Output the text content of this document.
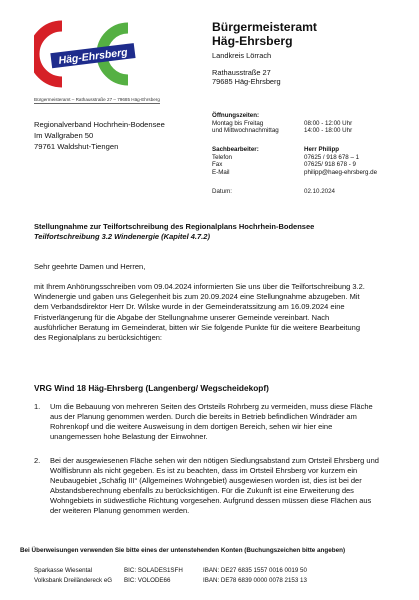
Häg-Ehrsberg
Bürgermeisteramt – Rathausstraße 27 – 79685 Häg-Ehrsberg
Bürgermeisteramt
Häg-Ehrsberg
Landkreis Lörrach
Rathausstraße 27
79685 Häg-Ehrsberg
Regionalverband Hochrhein-Bodensee
Im Wallgraben 50
79761 Waldshut-Tiengen
Öffnungszeiten:
Montag bis Freitag	08:00 - 12:00 Uhr
und Mittwochnachmittag	14:00 - 18:00 Uhr
Sachbearbeiter:	Herr Philipp
Telefon	07625 / 918 678 – 1
Fax	07625/ 918 678 - 9
E-Mail	philipp@haeg-ehrsberg.de
Datum:	02.10.2024
Stellungnahme zur Teilfortschreibung des Regionalplans Hochrhein-Bodensee
Teilfortschreibung 3.2 Windenergie (Kapitel 4.7.2)
Sehr geehrte Damen und Herren,
mit Ihrem Anhörungsschreiben vom 09.04.2024 informierten Sie uns über die Teilfortschreibung 3.2. Windenergie und gaben uns Gelegenheit bis zum 20.09.2024 eine Stellungnahme abzugeben. Mit dem Verbandsdirektor Herr Dr. Wilske wurde in der Gemeinderatssitzung am 16.09.2024 eine Fristverlängerung für die Abgabe der Stellungnahme unserer Gemeinde vereinbart. Nach ausführlicher Beratung im Gemeinderat, bitten wir Sie folgende Punkte für die weitere Bearbeitung des Regionalplans zu berücksichtigen:
VRG Wind 18 Häg-Ehrsberg (Langenberg/ Wegscheidekopf)
1.	Um die Bebauung von mehreren Seiten des Ortsteils Rohrberg zu vermeiden, muss diese Fläche aus der Planung genommen werden. Durch die bereits in Betrieb befindlichen Windräder am Rohrenkopf und die weitere Ausweisung in dem dortigen Bereich, sehen wir hier eine unangemessen hohe Belastung der Einwohner.
2.	Bei der ausgewiesenen Fläche sehen wir den nötigen Siedlungsabstand zum Ortsteil Ehrsberg und Wölflisbrunn als nicht gegeben. Es ist zu beachten, dass im Ortsteil Ehrsberg vor kurzem ein Neubaugebiet „Schäfig III“ (Allgemeines Wohngebiet) ausgewiesen worden ist, dies ist bei der Abstandsberechnung ebenfalls zu berücksichtigen. Für die Zukunft ist eine Erweiterung des Wohngebiets in südwestliche Richtung vorgesehen. Aufgrund dessen müssen diese Flächen aus der weiteren Planung genommen werden.
Bei Überweisungen verwenden Sie bitte eines der untenstehenden Konten (Buchungszeichen bitte angeben)
Sparkasse Wiesental	BIC: SOLADES1SFH	IBAN: DE27 6835 1557 0016 0019 50
Volksbank Dreiländereck eG	BIC: VOLODE66	IBAN: DE78 6839 0000 0078 2153 13
